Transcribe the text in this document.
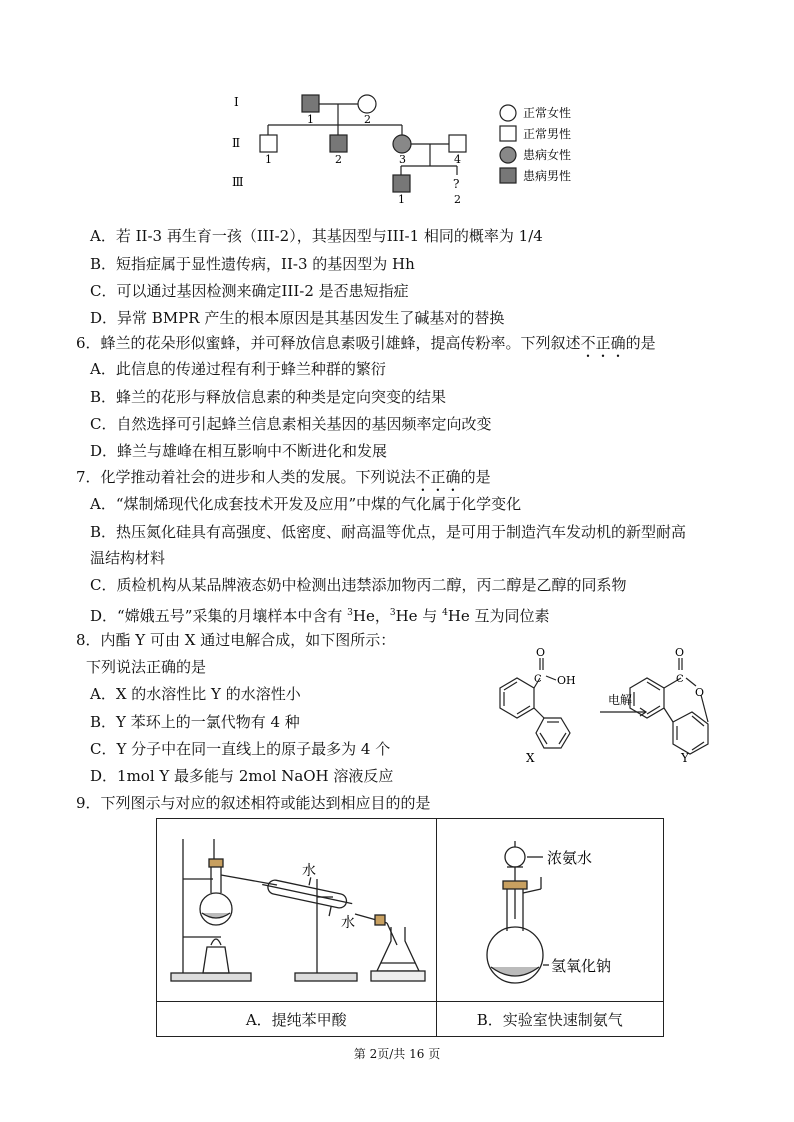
I
Ⅱ
Ⅲ
1	2
1	2	3	4
?
1	2
正常女性
正常男性
患病女性
患病男性
A．若 II-3 再生育一孩（III-2），其基因型与III-1 相同的概率为 1/4
B．短指症属于显性遗传病，II-3 的基因型为 Hh
C．可以通过基因检测来确定III-2 是否患短指症
D．异常 BMPR 产生的根本原因是其基因发生了碱基对的替换
6．蜂兰的花朵形似蜜蜂，并可释放信息素吸引雄蜂，提高传粉率。下列叙述不正确的是
A．此信息的传递过程有利于蜂兰种群的繁衍
B．蜂兰的花形与释放信息素的种类是定向突变的结果
C．自然选择可引起蜂兰信息素相关基因的基因频率定向改变
D．蜂兰与雄峰在相互影响中不断进化和发展
7．化学推动着社会的进步和人类的发展。下列说法不正确的是
A．“煤制烯现代化成套技术开发及应用”中煤的气化属于化学变化
B．热压氮化硅具有高强度、低密度、耐高温等优点，是可用于制造汽车发动机的新型耐高
温结构材料
C．质检机构从某品牌液态奶中检测出违禁添加物丙二醇，丙二醇是乙醇的同系物
D．“嫦娥五号”采集的月壤样本中含有 $^3$He，$^3$He 与 $^4$He 互为同位素
8．内酯 Y 可由 X 通过电解合成，如下图所示：
下列说法正确的是
A．X 的水溶性比 Y 的水溶性小
B．Y 苯环上的一氯代物有 4 种
C．Y 分子中在同一直线上的原子最多为 4 个
D．1mol Y 最多能与 2mol NaOH 溶液反应
O
C OH
电解
O
C
O
X	Y
9．下列图示与对应的叙述相符或能达到相应目的的是
水
水	浓氨水
氢氧化钠

A．提纯苯甲酸	B．实验室快速制氨气
第 2页/共 16 页
